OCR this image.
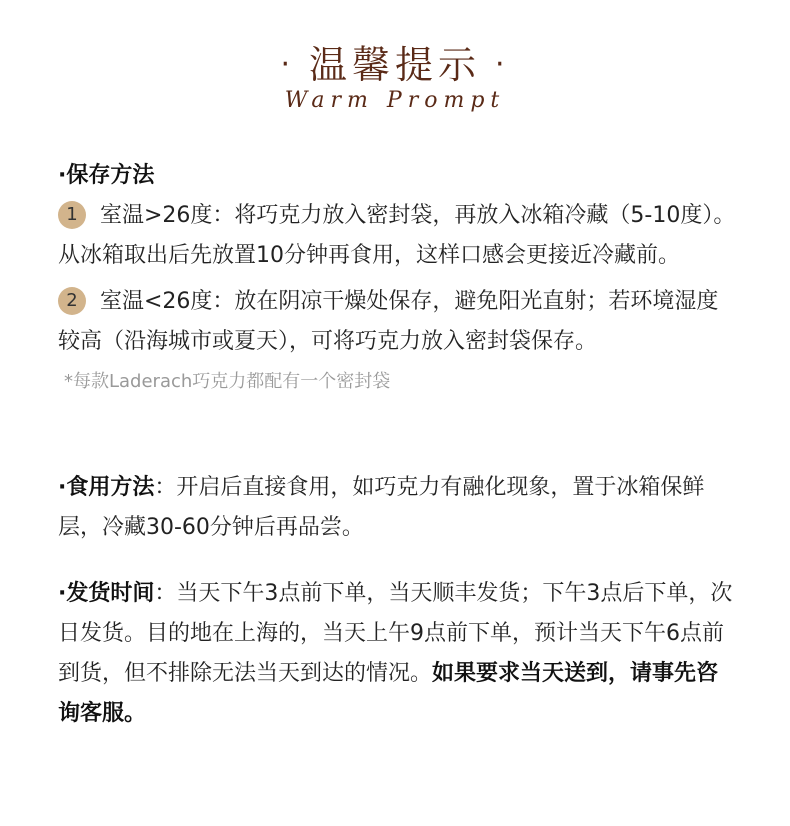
· 温馨提示 ·
Warm Prompt
·保存方法
1 室温>26度：将巧克力放入密封袋，再放入冰箱冷藏（5-10度）。从冰箱取出后先放置10分钟再食用，这样口感会更接近冷藏前。
2 室温<26度：放在阴凉干燥处保存，避免阳光直射；若环境湿度较高（沿海城市或夏天），可将巧克力放入密封袋保存。
*每款Laderach巧克力都配有一个密封袋
·食用方法：开启后直接食用，如巧克力有融化现象，置于冰箱保鲜层，冷藏30-60分钟后再品尝。
·发货时间：当天下午3点前下单，当天顺丰发货；下午3点后下单，次日发货。目的地在上海的，当天上午9点前下单，预计当天下午6点前到货，但不排除无法当天到达的情况。如果要求当天送到，请事先咨询客服。
